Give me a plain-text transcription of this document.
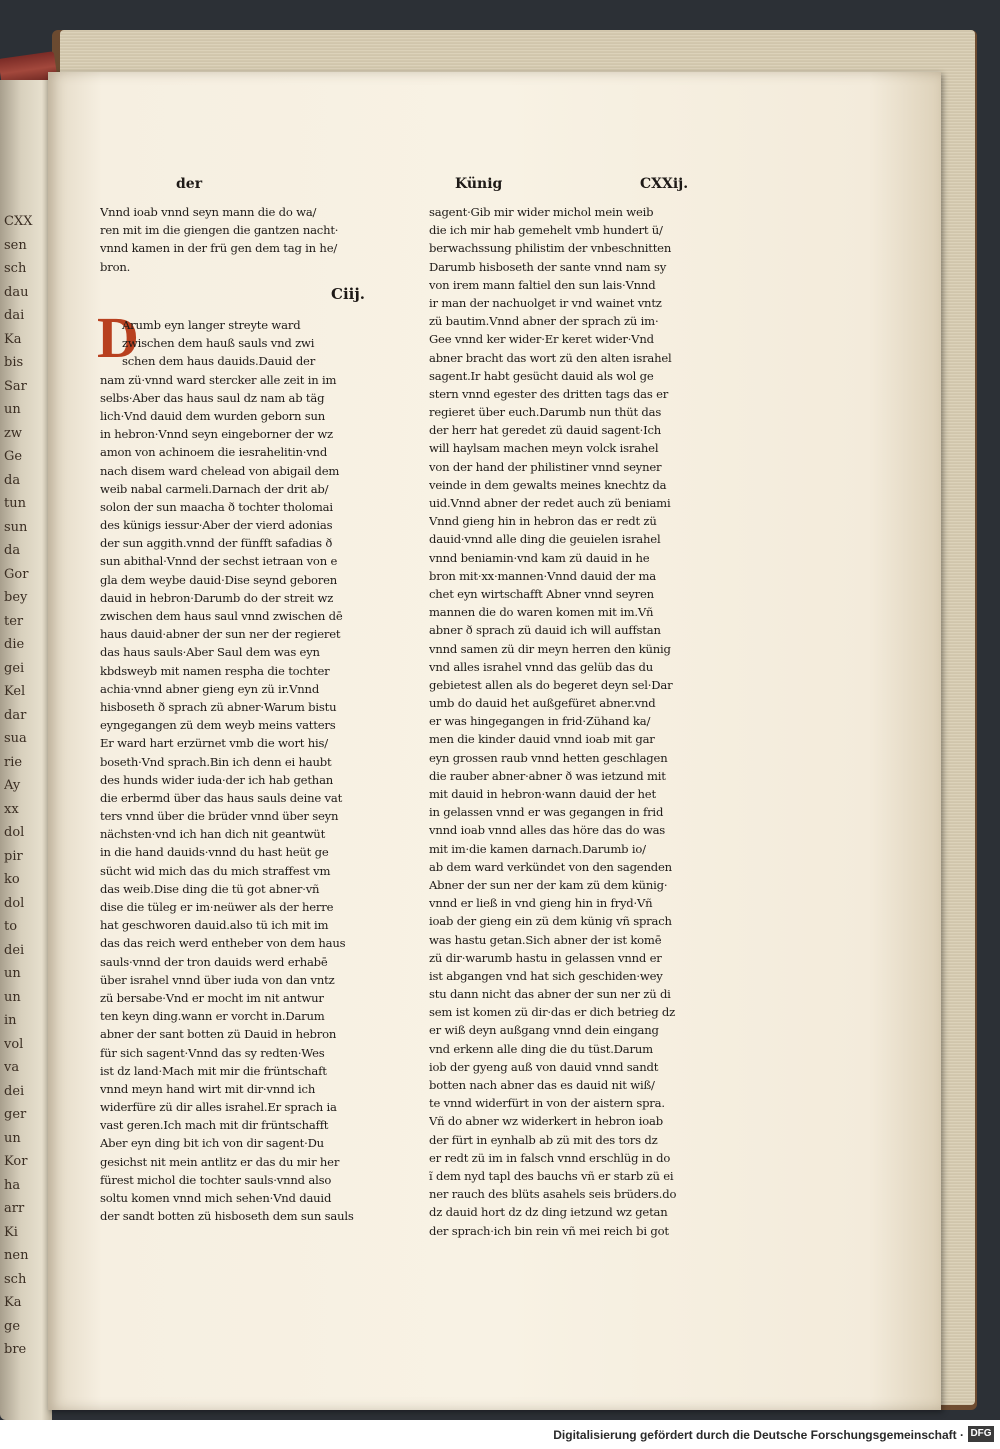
CXX
sen
sch
dau
dai
Ka
bis
Sar
un
zw
Ge
da
tun
sun
da
Gor
bey
ter
die
gei
Kel
dar
sua
rie
Ay
xx
dol
pir
ko
dol
to
dei
un
un
in
vol
va
dei
ger
un
Kor
ha
arr
Ki
nen
sch
Ka
ge
bre
der	Künig	CXXij.
Vnnd ioab vnnd seyn mann die do wa/
ren mit im die giengen die gantzen nacht·
vnnd kamen in der frü gen dem tag in he/
bron.
Ciij.
D
Arumb eyn langer streyte ward
zwischen dem hauß sauls vnd zwi
schen dem haus dauids.Dauid der
nam zü·vnnd ward stercker alle zeit in im
selbs·Aber das haus saul dz nam ab täg
lich·Vnd dauid dem wurden geborn sun
in hebron·Vnnd seyn eingeborner der wz
amon von achinoem die iesrahelitin·vnd
nach disem ward chelead von abigail dem
weib nabal carmeli.Darnach der drit ab/
solon der sun maacha ð tochter tholomai
des künigs iessur·Aber der vierd adonias
der sun aggith.vnnd der fünfft safadias ð
sun abithal·Vnnd der sechst ietraan von e
gla dem weybe dauid·Dise seynd geboren
dauid in hebron·Darumb do der streit wz
zwischen dem haus saul vnnd zwischen dē
haus dauid·abner der sun ner der regieret
das haus sauls·Aber Saul dem was eyn
kbdsweyb mit namen respha die tochter
achia·vnnd abner gieng eyn zü ir.Vnnd
hisboseth ð sprach zü abner·Warum bistu
eyngegangen zü dem weyb meins vatters
Er ward hart erzürnet vmb die wort his/
boseth·Vnd sprach.Bin ich denn ei haubt
des hunds wider iuda·der ich hab gethan
die erbermd über das haus sauls deine vat
ters vnnd über die brüder vnnd über seyn
nächsten·vnd ich han dich nit geantwüt
in die hand dauids·vnnd du hast heüt ge
sücht wid mich das du mich straffest vm
das weib.Dise ding die tü got abner·vñ
dise die tüleg er im·neüwer als der herre
hat geschworen dauid.also tü ich mit im
das das reich werd entheber von dem haus
sauls·vnnd der tron dauids werd erhabē
über israhel vnnd über iuda von dan vntz
zü bersabe·Vnd er mocht im nit antwur
ten keyn ding.wann er vorcht in.Darum
abner der sant botten zü Dauid in hebron
für sich sagent·Vnnd das sy redten·Wes
ist dz land·Mach mit mir die früntschaft
vnnd meyn hand wirt mit dir·vnnd ich
widerfüre zü dir alles israhel.Er sprach ia
vast geren.Ich mach mit dir früntschafft
Aber eyn ding bit ich von dir sagent·Du
gesichst nit mein antlitz er das du mir her
fürest michol die tochter sauls·vnnd also
soltu komen vnnd mich sehen·Vnd dauid
der sandt botten zü hisboseth dem sun sauls
sagent·Gib mir wider michol mein weib
die ich mir hab gemehelt vmb hundert ü/
berwachssung philistim der vnbeschnitten
Darumb hisboseth der sante vnnd nam sy
von irem mann faltiel den sun lais·Vnnd
ir man der nachuolget ir vnd wainet vntz
zü bautim.Vnnd abner der sprach zü im·
Gee vnnd ker wider·Er keret wider·Vnd
abner bracht das wort zü den alten israhel
sagent.Ir habt gesücht dauid als wol ge
stern vnnd egester des dritten tags das er
regieret über euch.Darumb nun thüt das
der herr hat geredet zü dauid sagent·Ich
will haylsam machen meyn volck israhel
von der hand der philistiner vnnd seyner
veinde in dem gewalts meines knechtz da
uid.Vnnd abner der redet auch zü beniami
Vnnd gieng hin in hebron das er redt zü
dauid·vnnd alle ding die geuielen israhel
vnnd beniamin·vnd kam zü dauid in he
bron mit·xx·mannen·Vnnd dauid der ma
chet eyn wirtschafft Abner vnnd seyren
mannen die do waren komen mit im.Vñ
abner ð sprach zü dauid ich will auffstan
vnnd samen zü dir meyn herren den künig
vnd alles israhel vnnd das gelüb das du
gebietest allen als do begeret deyn sel·Dar
umb do dauid het außgefüret abner.vnd
er was hingegangen in frid·Zühand ka/
men die kinder dauid vnnd ioab mit gar
eyn grossen raub vnnd hetten geschlagen
die rauber abner·abner ð was ietzund mit
mit dauid in hebron·wann dauid der het
in gelassen vnnd er was gegangen in frid
vnnd ioab vnnd alles das höre das do was
mit im·die kamen darnach.Darumb io/
ab dem ward verkündet von den sagenden
Abner der sun ner der kam zü dem künig·
vnnd er ließ in vnd gieng hin in fryd·Vñ
ioab der gieng ein zü dem künig vñ sprach
was hastu getan.Sich abner der ist komē
zü dir·warumb hastu in gelassen vnnd er
ist abgangen vnd hat sich geschiden·wey
stu dann nicht das abner der sun ner zü di
sem ist komen zü dir·das er dich betrieg dz
er wiß deyn außgang vnnd dein eingang
vnd erkenn alle ding die du tüst.Darum
iob der gyeng auß von dauid vnnd sandt
botten nach abner das es dauid nit wiß/
te vnnd widerfürt in von der aistern spra.
Vñ do abner wz widerkert in hebron ioab
der fürt in eynhalb ab zü mit des tors dz
er redt zü im in falsch vnnd erschlüg in do
ĩ dem nyd tapl des bauchs vñ er starb zü ei
ner rauch des blüts asahels seis brüders.do
dz dauid hort dz dz ding ietzund wz getan
der sprach·ich bin rein vñ mei reich bi got
Digitalisierung gefördert durch die Deutsche Forschungsgemeinschaft · DFG
